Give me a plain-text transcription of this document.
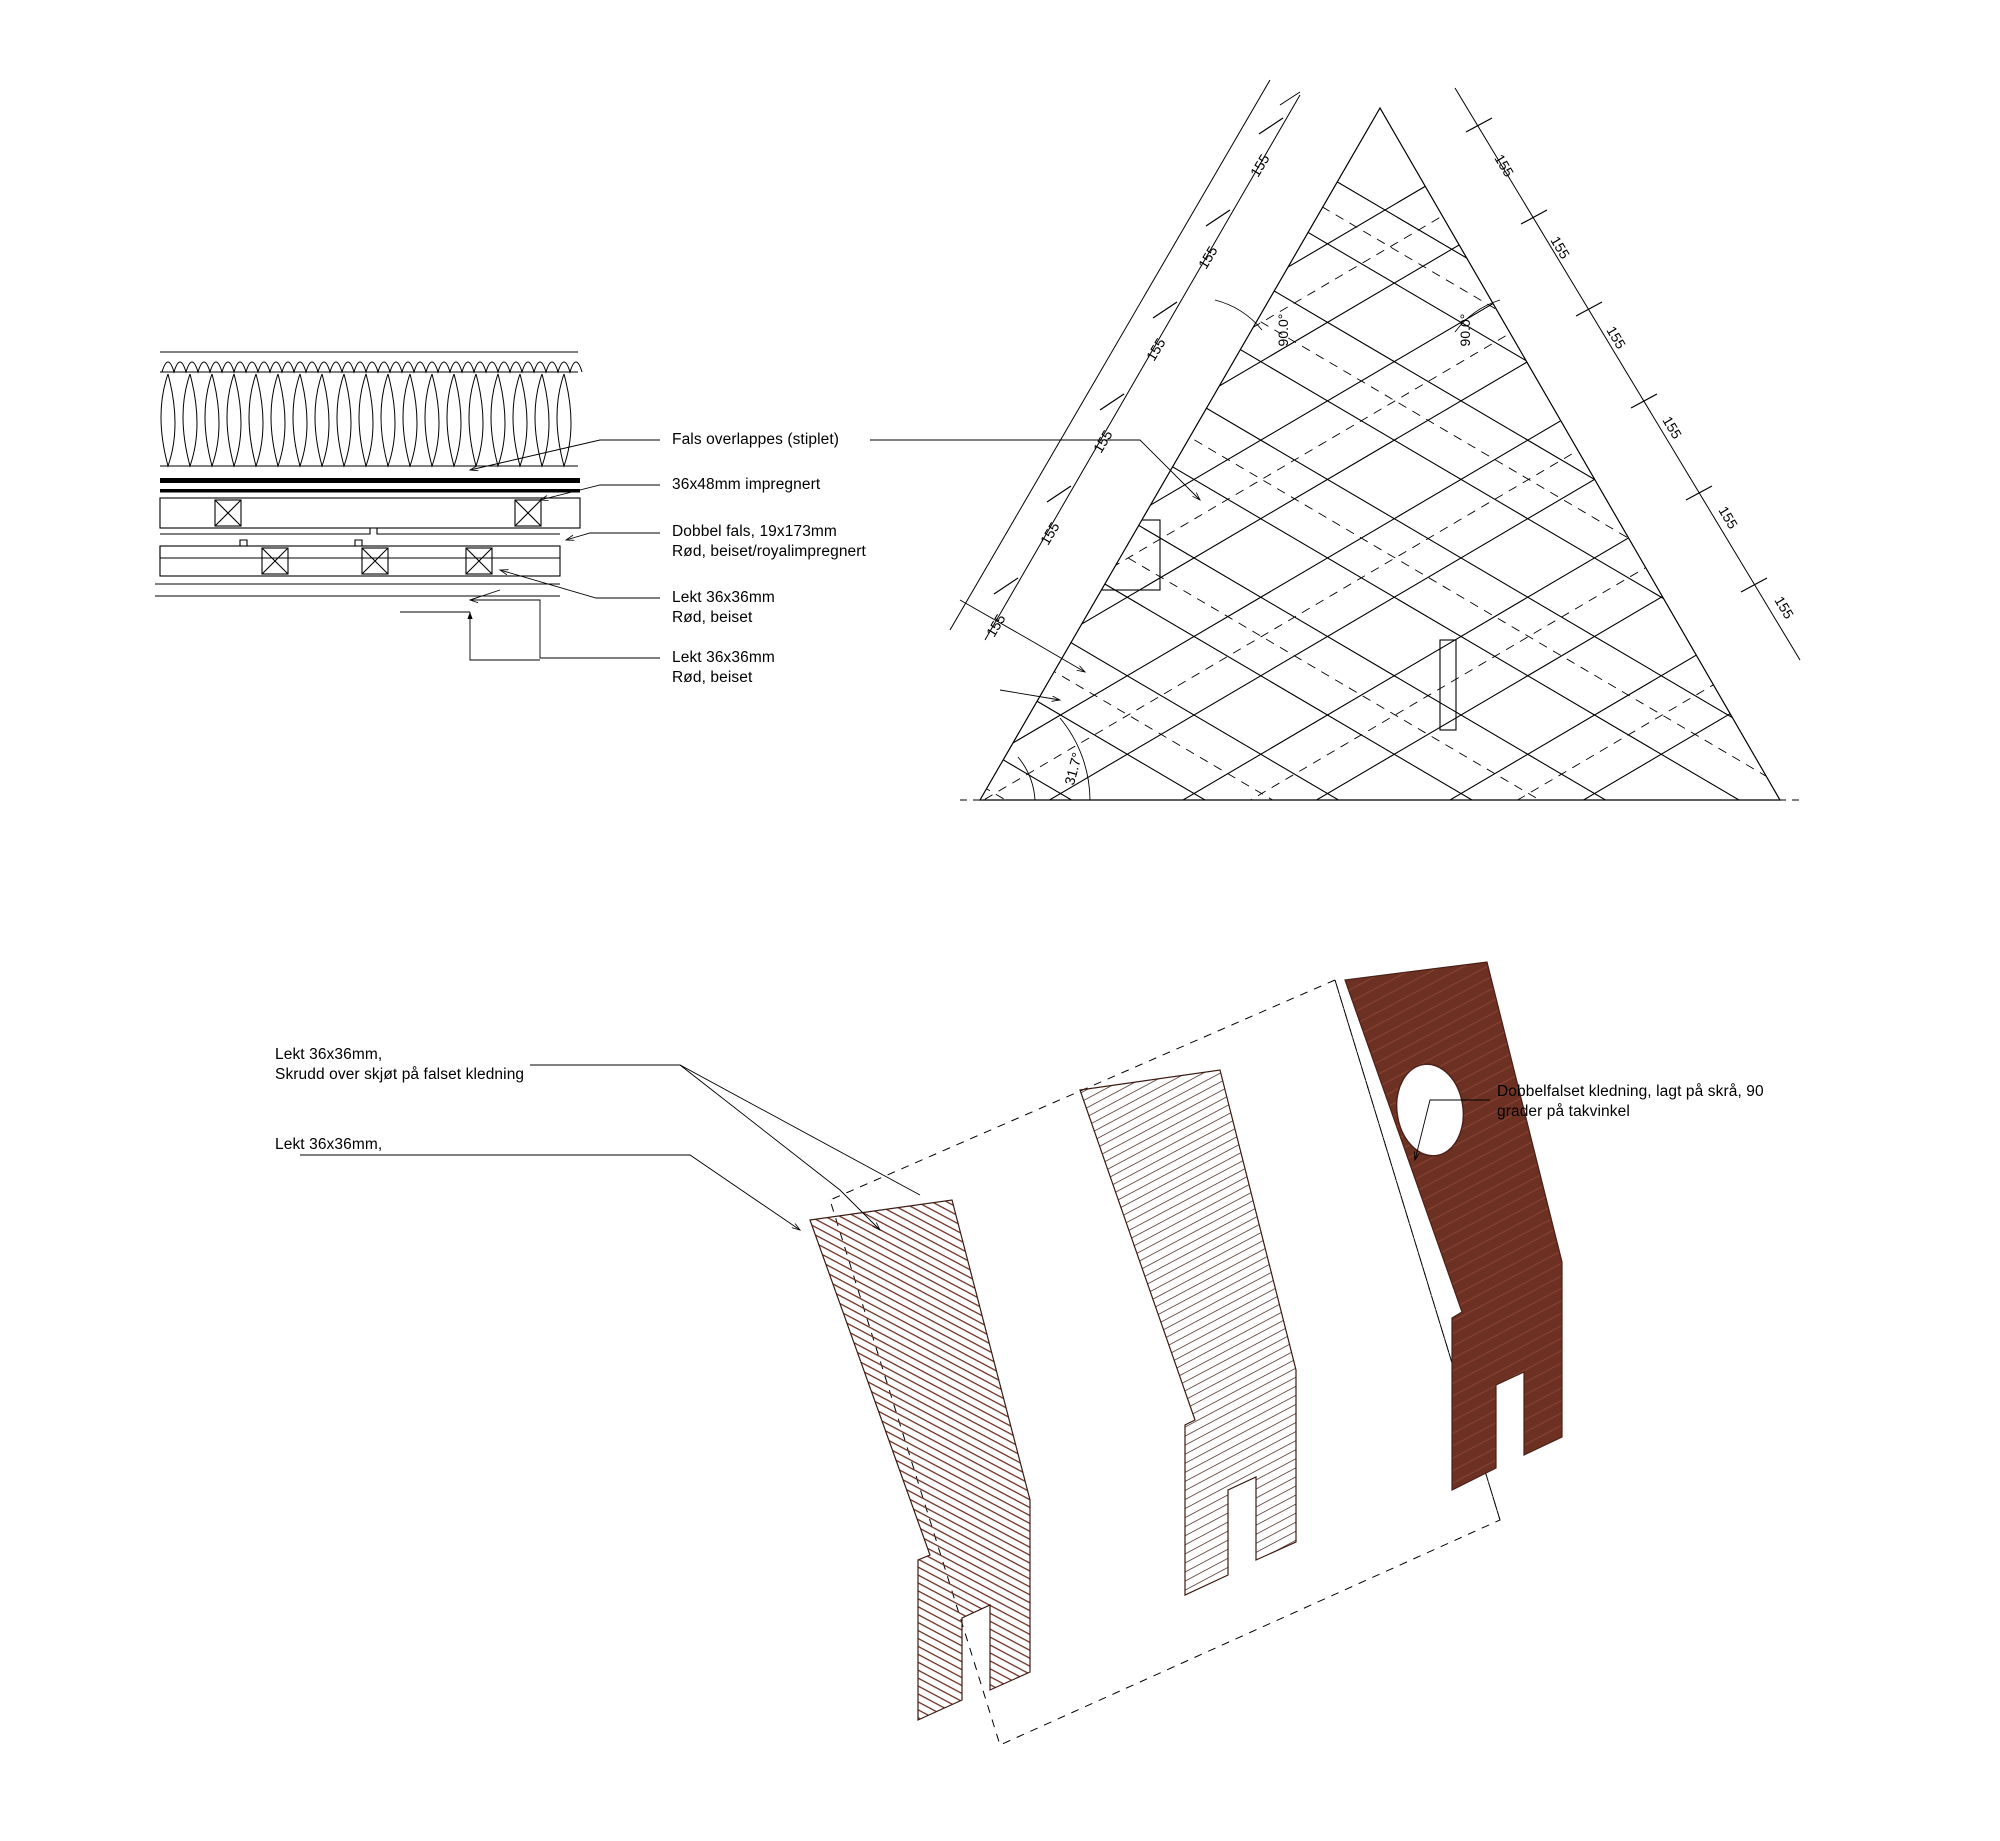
155
155
155
155
155
155
155
155
155
155
155
155
90.0°	90.0°
31.7°
Fals overlappes (stiplet)
36x48mm impregnert
Dobbel fals, 19x173mm
Rød, beiset/royalimpregnert
Lekt 36x36mm
Rød, beiset
Lekt 36x36mm
Rød, beiset
Lekt 36x36mm,
Skrudd over skjøt på falset kledning
Lekt 36x36mm,
Dobbelfalset kledning, lagt på skrå, 90
grader på takvinkel
